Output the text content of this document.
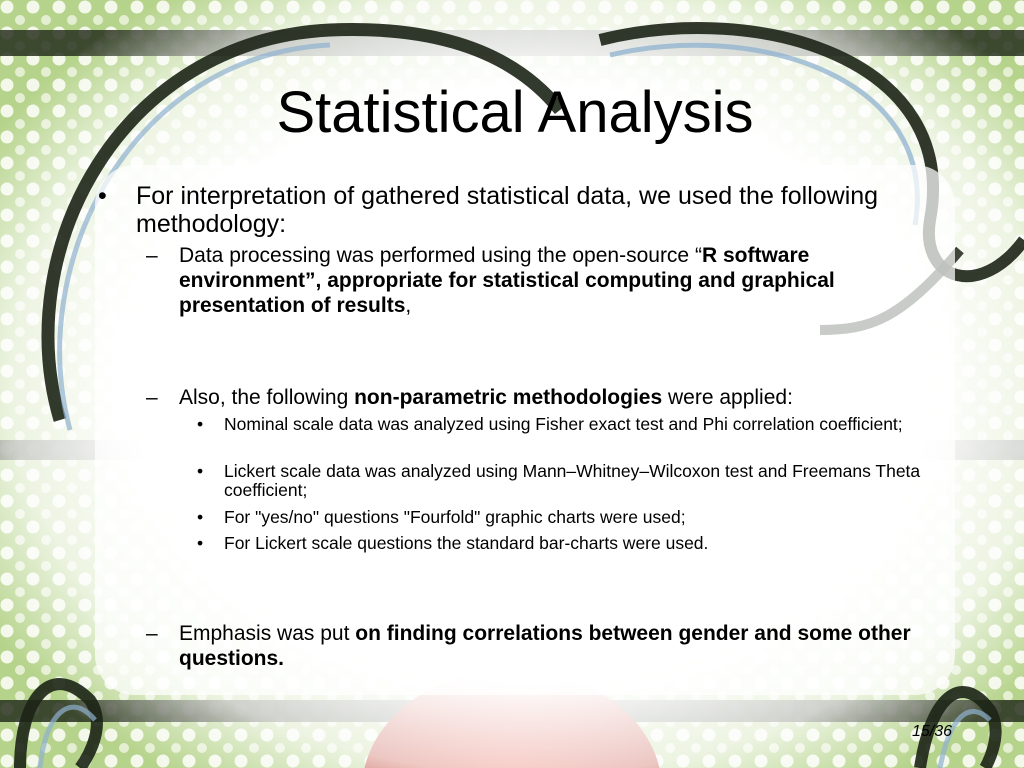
Statistical Analysis
•	For interpretation of gathered statistical data, we used the following methodology:
–	Data processing was performed using the open-source “R software environment”, appropriate for statistical computing and graphical presentation of results,
–	Also, the following non-parametric methodologies were applied:
•	Nominal scale data was analyzed using Fisher exact test and Phi correlation coefficient;
•	Lickert scale data was analyzed using Mann–Whitney–Wilcoxon test and Freemans Theta coefficient;
•	For "yes/no" questions "Fourfold" graphic charts were used;
•	For Lickert scale questions the standard bar-charts were used.
–	Emphasis was put on finding correlations between gender and some other questions.
15/36
